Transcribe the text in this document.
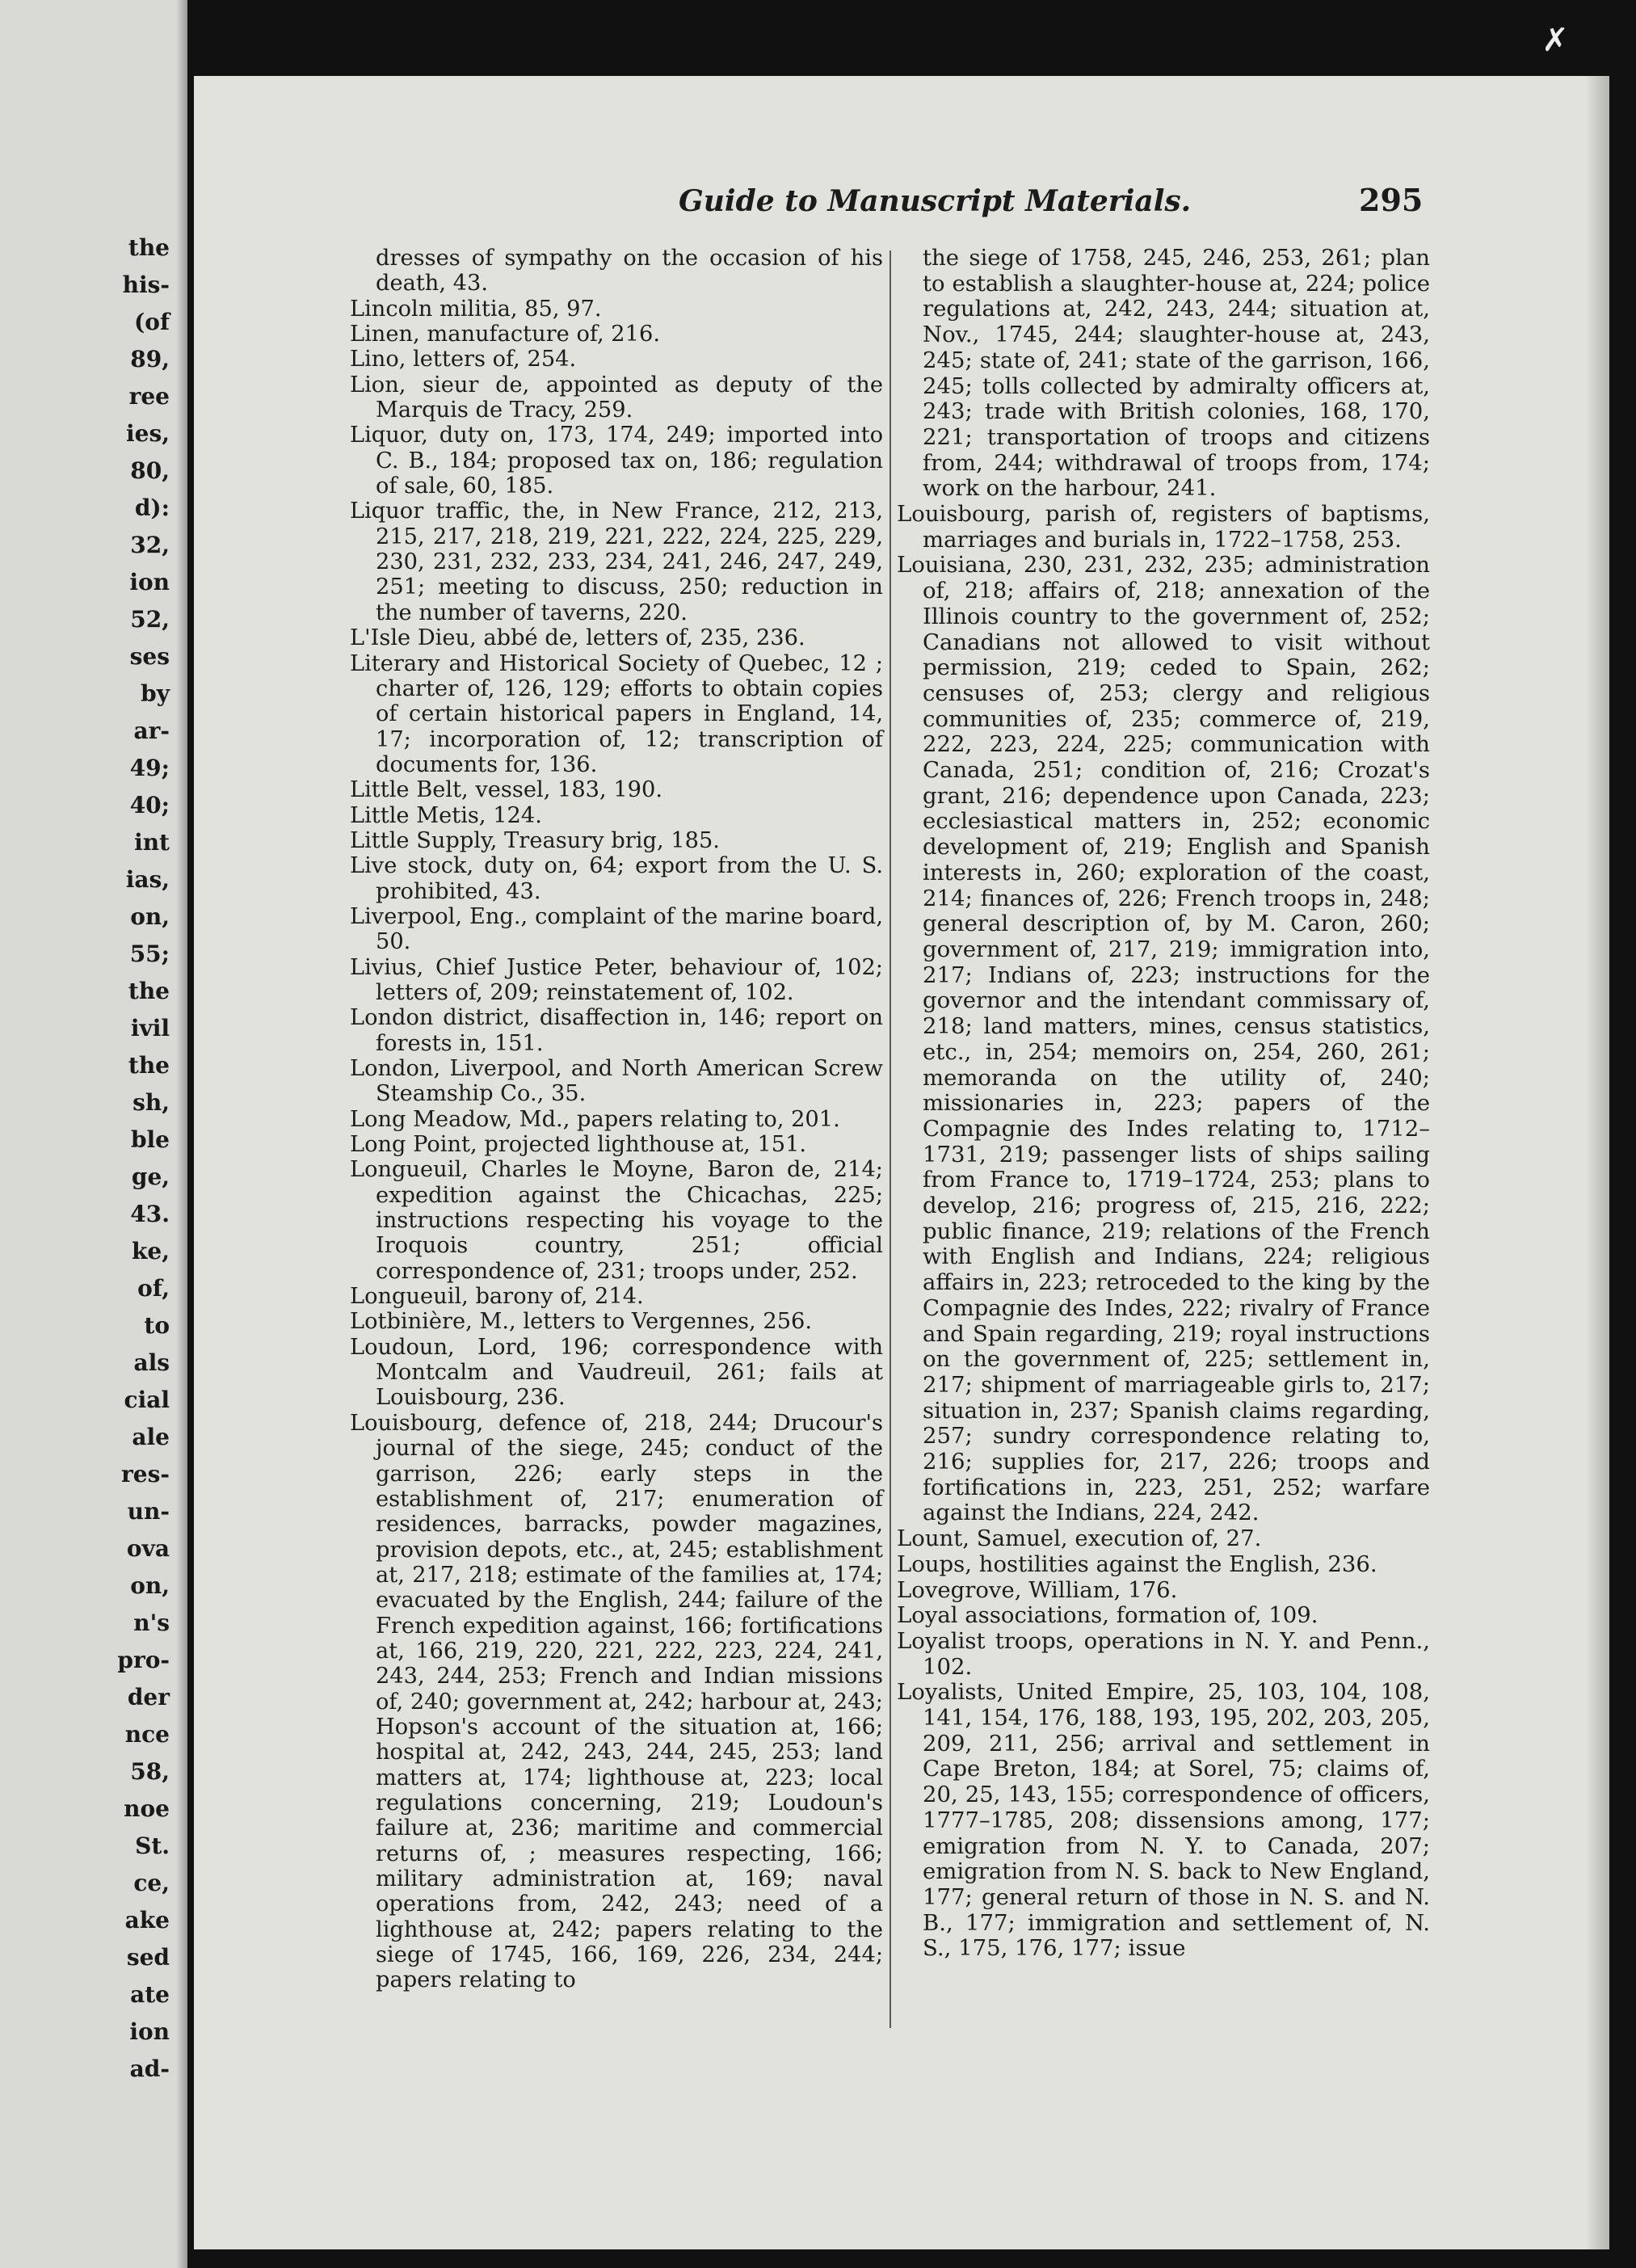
the
his-
(of
89,
ree
ies,
80,
d):
32,
ion
52,
ses
by
ar-
49;
40;
int
ias,
on,
55;
the
ivil
the
sh,
ble
ge,
43.
ke,
of,
to
als
cial
ale
res-
un-
ova
on,
n's
pro-
der
nce
58,
noe
St.
ce,
ake
sed
ate
ion
ad-
✗
Guide to Manuscript Materials.	295

dresses of sympathy on the occasion of his death, 43.

Lincoln militia, 85, 97.

Linen, manufacture of, 216.

Lino, letters of, 254.

Lion, sieur de, appointed as deputy of the Marquis de Tracy, 259.

Liquor, duty on, 173, 174, 249; imported into C. B., 184; proposed tax on, 186; regulation of sale, 60, 185.

Liquor traffic, the, in New France, 212, 213, 215, 217, 218, 219, 221, 222, 224, 225, 229, 230, 231, 232, 233, 234, 241, 246, 247, 249, 251; meeting to discuss, 250; reduction in the number of taverns, 220.

L'Isle Dieu, abbé de, letters of, 235, 236.

Literary and Historical Society of Quebec, 12 ; charter of, 126, 129; efforts to obtain copies of certain historical papers in England, 14, 17; incorporation of, 12; transcription of documents for, 136.

Little Belt, vessel, 183, 190.

Little Metis, 124.

Little Supply, Treasury brig, 185.

Live stock, duty on, 64; export from the U. S. prohibited, 43.

Liverpool, Eng., complaint of the marine board, 50.

Livius, Chief Justice Peter, behaviour of, 102; letters of, 209; reinstatement of, 102.

London district, disaffection in, 146; report on forests in, 151.

London, Liverpool, and North American Screw Steamship Co., 35.

Long Meadow, Md., papers relating to, 201.

Long Point, projected lighthouse at, 151.

Longueuil, Charles le Moyne, Baron de, 214; expedition against the Chicachas, 225; instructions respecting his voyage to the Iroquois country, 251; official correspondence of, 231; troops under, 252.

Longueuil, barony of, 214.

Lotbinière, M., letters to Vergennes, 256.

Loudoun, Lord, 196; correspondence with Montcalm and Vaudreuil, 261; fails at Louisbourg, 236.

Louisbourg, defence of, 218, 244; Drucour's journal of the siege, 245; conduct of the garrison, 226; early steps in the establishment of, 217; enumeration of residences, barracks, powder magazines, provision depots, etc., at, 245; establishment at, 217, 218; estimate of the families at, 174; evacuated by the English, 244; failure of the French expedition against, 166; fortifications at, 166, 219, 220, 221, 222, 223, 224, 241, 243, 244, 253; French and Indian missions of, 240; government at, 242; harbour at, 243; Hopson's account of the situation at, 166; hospital at, 242, 243, 244, 245, 253; land matters at, 174; lighthouse at, 223; local regulations concerning, 219; Loudoun's failure at, 236; maritime and commercial returns of, ; measures respecting, 166; military administration at, 169; naval operations from, 242, 243; need of a lighthouse at, 242; papers relating to the siege of 1745, 166, 169, 226, 234, 244; papers relating to

the siege of 1758, 245, 246, 253, 261; plan to establish a slaughter-house at, 224; police regulations at, 242, 243, 244; situation at, Nov., 1745, 244; slaughter-house at, 243, 245; state of, 241; state of the garrison, 166, 245; tolls collected by admiralty officers at, 243; trade with British colonies, 168, 170, 221; transportation of troops and citizens from, 244; withdrawal of troops from, 174; work on the harbour, 241.

Louisbourg, parish of, registers of baptisms, marriages and burials in, 1722–1758, 253.

Louisiana, 230, 231, 232, 235; administration of, 218; affairs of, 218; annexation of the Illinois country to the government of, 252; Canadians not allowed to visit without permission, 219; ceded to Spain, 262; censuses of, 253; clergy and religious communities of, 235; commerce of, 219, 222, 223, 224, 225; communication with Canada, 251; condition of, 216; Crozat's grant, 216; dependence upon Canada, 223; ecclesiastical matters in, 252; economic development of, 219; English and Spanish interests in, 260; exploration of the coast, 214; finances of, 226; French troops in, 248; general description of, by M. Caron, 260; government of, 217, 219; immigration into, 217; Indians of, 223; instructions for the governor and the intendant commissary of, 218; land matters, mines, census statistics, etc., in, 254; memoirs on, 254, 260, 261; memoranda on the utility of, 240; missionaries in, 223; papers of the Compagnie des Indes relating to, 1712–1731, 219; passenger lists of ships sailing from France to, 1719–1724, 253; plans to develop, 216; progress of, 215, 216, 222; public finance, 219; relations of the French with English and Indians, 224; religious affairs in, 223; retroceded to the king by the Compagnie des Indes, 222; rivalry of France and Spain regarding, 219; royal instructions on the government of, 225; settlement in, 217; shipment of marriageable girls to, 217; situation in, 237; Spanish claims regarding, 257; sundry correspondence relating to, 216; supplies for, 217, 226; troops and fortifications in, 223, 251, 252; warfare against the Indians, 224, 242.

Lount, Samuel, execution of, 27.

Loups, hostilities against the English, 236.

Lovegrove, William, 176.

Loyal associations, formation of, 109.

Loyalist troops, operations in N. Y. and Penn., 102.

Loyalists, United Empire, 25, 103, 104, 108, 141, 154, 176, 188, 193, 195, 202, 203, 205, 209, 211, 256; arrival and settlement in Cape Breton, 184; at Sorel, 75; claims of, 20, 25, 143, 155; correspondence of officers, 1777–1785, 208; dissensions among, 177; emigration from N. Y. to Canada, 207; emigration from N. S. back to New England, 177; general return of those in N. S. and N. B., 177; immigration and settlement of, N. S., 175, 176, 177; issue
